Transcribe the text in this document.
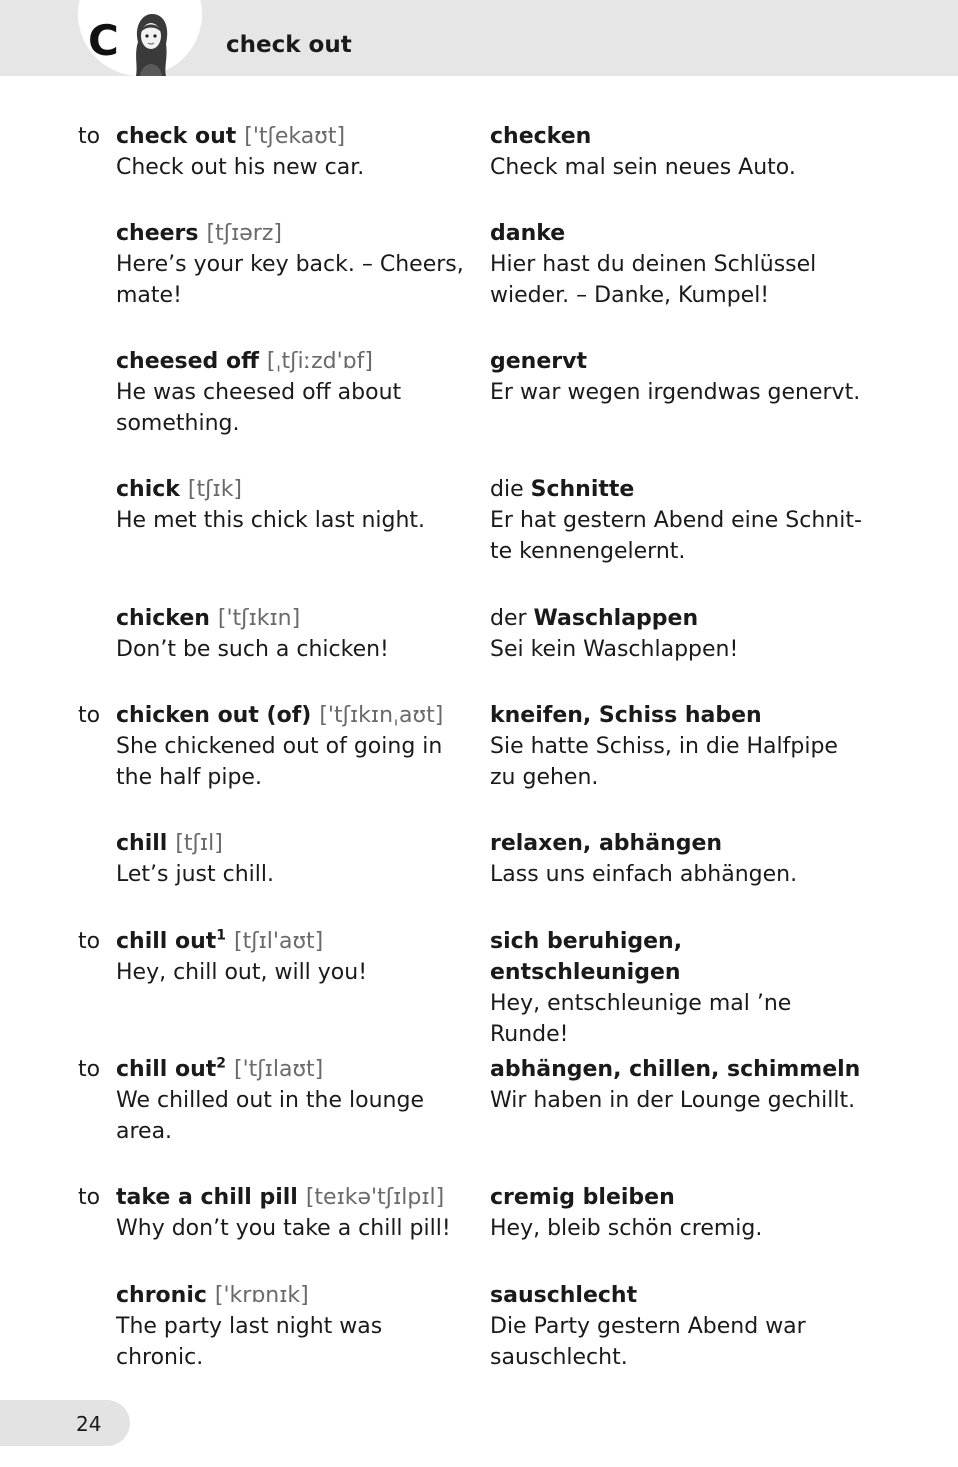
C	check out
to check out ['tʃekaʊt]
Check out his new car.
checken
Check mal sein neues Auto.
cheers [tʃɪərz]
Here’s your key back. – Cheers,
mate!
danke
Hier hast du deinen Schlüssel
wieder. – Danke, Kumpel!
cheesed off [ˌtʃiːzd'ɒf]
He was cheesed off about
something.
genervt
Er war wegen irgendwas genervt.
chick [tʃɪk]
He met this chick last night.
die Schnitte
Er hat gestern Abend eine Schnit-
te kennengelernt.
chicken ['tʃɪkɪn]
Don’t be such a chicken!
der Waschlappen
Sei kein Waschlappen!
to chicken out (of) ['tʃɪkɪnˌaʊt]
She chickened out of going in
the half pipe.
kneifen, Schiss haben
Sie hatte Schiss, in die Halfpipe
zu gehen.
chill [tʃɪl]
Let’s just chill.
relaxen, abhängen
Lass uns einfach abhängen.
to chill out$^1$ [tʃɪl'aʊt]
Hey, chill out, will you!
sich beruhigen, entschleunigen
Hey, entschleunige mal ’ne
Runde!
to chill out$^2$ ['tʃɪlaʊt]
We chilled out in the lounge
area.
abhängen, chillen, schimmeln
Wir haben in der Lounge gechillt.
to take a chill pill [teɪkə'tʃɪlpɪl]
Why don’t you take a chill pill!
cremig bleiben
Hey, bleib schön cremig.
chronic ['krɒnɪk]
The party last night was
chronic.
sauschlecht
Die Party gestern Abend war
sauschlecht.
24
